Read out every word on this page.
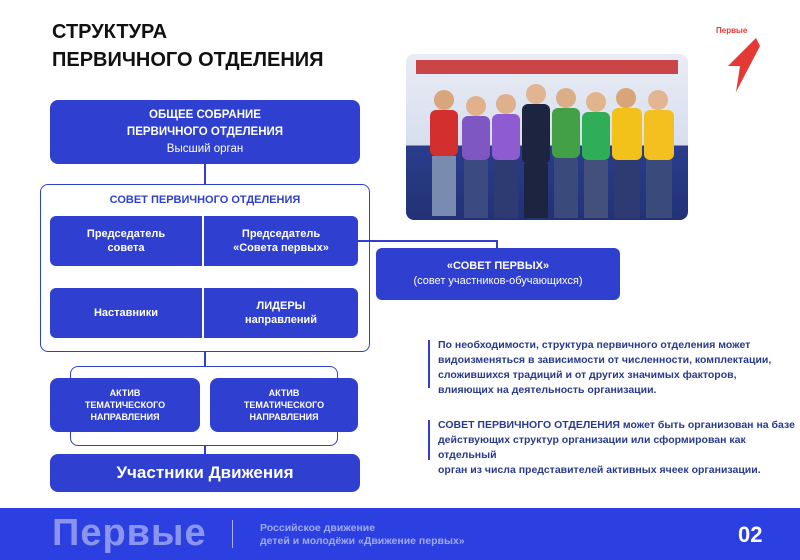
СТРУКТУРА
ПЕРВИЧНОГО ОТДЕЛЕНИЯ
Первые
ОБЩЕЕ СОБРАНИЕ
ПЕРВИЧНОГО ОТДЕЛЕНИЯ
Высший орган
СОВЕТ ПЕРВИЧНОГО ОТДЕЛЕНИЯ
Председатель
совета
Председатель
«Совета первых»
Наставники
ЛИДЕРЫ
направлений
«СОВЕТ ПЕРВЫХ»
(совет участников-обучающихся)
АКТИВ
ТЕМАТИЧЕСКОГО
НАПРАВЛЕНИЯ
АКТИВ
ТЕМАТИЧЕСКОГО
НАПРАВЛЕНИЯ
Участники Движения
По необходимости, структура первичного отделения может
видоизменяться в зависимости от численности, комплектации,
сложившихся традиций и от других значимых факторов,
влияющих на деятельность организации.
СОВЕТ ПЕРВИЧНОГО ОТДЕЛЕНИЯ может быть организован на базе
действующих структур организации или сформирован как отдельный
орган из числа представителей активных ячеек организации.
Первые	Российское движение
детей и молодёжи «Движение первых»	02
